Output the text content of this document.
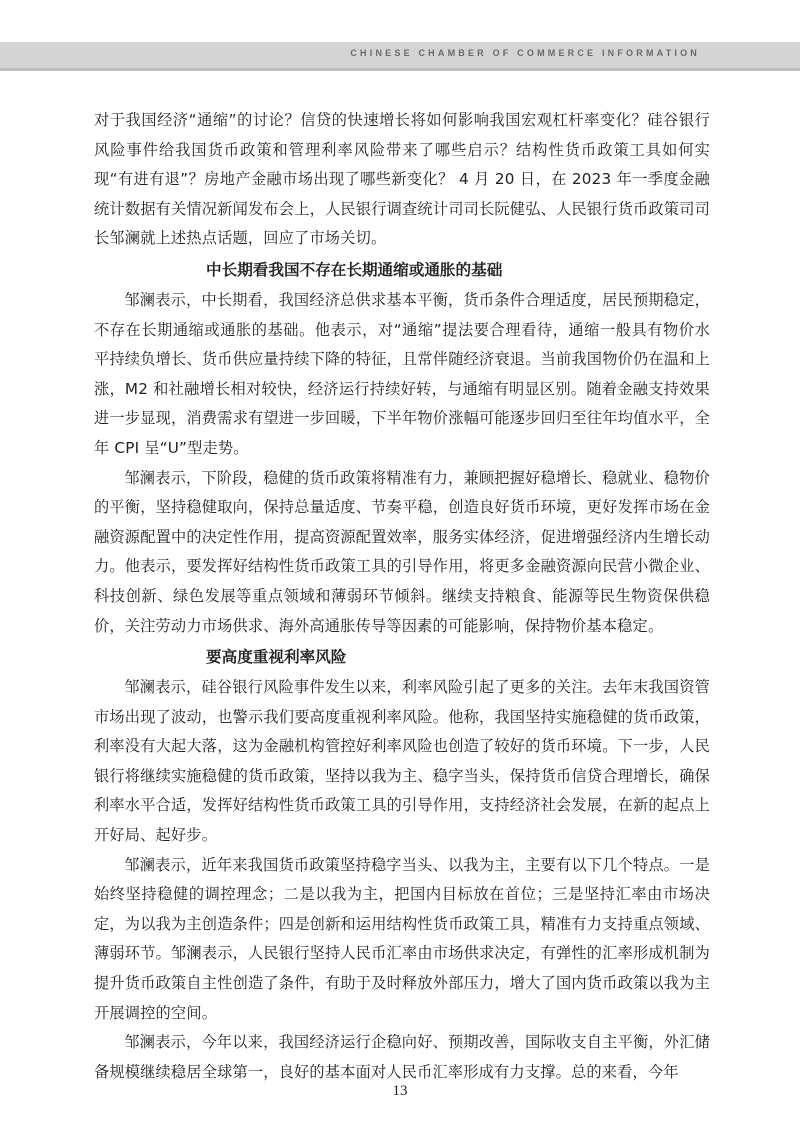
CHINESE CHAMBER OF COMMERCE INFORMATION

对于我国经济“通缩”的讨论？信贷的快速增长将如何影响我国宏观杠杆率变化？硅谷银行风险事件给我国货币政策和管理利率风险带来了哪些启示？结构性货币政策工具如何实现“有进有退”？房地产金融市场出现了哪些新变化？ 4 月 20 日，在 2023 年一季度金融统计数据有关情况新闻发布会上，人民银行调查统计司司长阮健弘、人民银行货币政策司司长邹澜就上述热点话题，回应了市场关切。

中长期看我国不存在长期通缩或通胀的基础

邹澜表示，中长期看，我国经济总供求基本平衡，货币条件合理适度，居民预期稳定，不存在长期通缩或通胀的基础。他表示，对“通缩”提法要合理看待，通缩一般具有物价水平持续负增长、货币供应量持续下降的特征，且常伴随经济衰退。当前我国物价仍在温和上涨，M2 和社融增长相对较快，经济运行持续好转，与通缩有明显区别。随着金融支持效果进一步显现，消费需求有望进一步回暖，下半年物价涨幅可能逐步回归至往年均值水平，全年 CPI 呈“U”型走势。

邹澜表示，下阶段，稳健的货币政策将精准有力，兼顾把握好稳增长、稳就业、稳物价的平衡，坚持稳健取向，保持总量适度、节奏平稳，创造良好货币环境，更好发挥市场在金融资源配置中的决定性作用，提高资源配置效率，服务实体经济，促进增强经济内生增长动力。他表示，要发挥好结构性货币政策工具的引导作用，将更多金融资源向民营小微企业、科技创新、绿色发展等重点领域和薄弱环节倾斜。继续支持粮食、能源等民生物资保供稳价，关注劳动力市场供求、海外高通胀传导等因素的可能影响，保持物价基本稳定。

要高度重视利率风险

邹澜表示，硅谷银行风险事件发生以来，利率风险引起了更多的关注。去年末我国资管市场出现了波动，也警示我们要高度重视利率风险。他称，我国坚持实施稳健的货币政策，利率没有大起大落，这为金融机构管控好利率风险也创造了较好的货币环境。下一步，人民银行将继续实施稳健的货币政策，坚持以我为主、稳字当头，保持货币信贷合理增长，确保利率水平合适，发挥好结构性货币政策工具的引导作用，支持经济社会发展，在新的起点上开好局、起好步。

邹澜表示，近年来我国货币政策坚持稳字当头、以我为主，主要有以下几个特点。一是始终坚持稳健的调控理念；二是以我为主，把国内目标放在首位；三是坚持汇率由市场决定，为以我为主创造条件；四是创新和运用结构性货币政策工具，精准有力支持重点领域、薄弱环节。邹澜表示，人民银行坚持人民币汇率由市场供求决定，有弹性的汇率形成机制为提升货币政策自主性创造了条件，有助于及时释放外部压力，增大了国内货币政策以我为主开展调控的空间。

邹澜表示，今年以来，我国经济运行企稳向好、预期改善，国际收支自主平衡，外汇储备规模继续稳居全球第一，良好的基本面对人民币汇率形成有力支撑。总的来看，今年

13
